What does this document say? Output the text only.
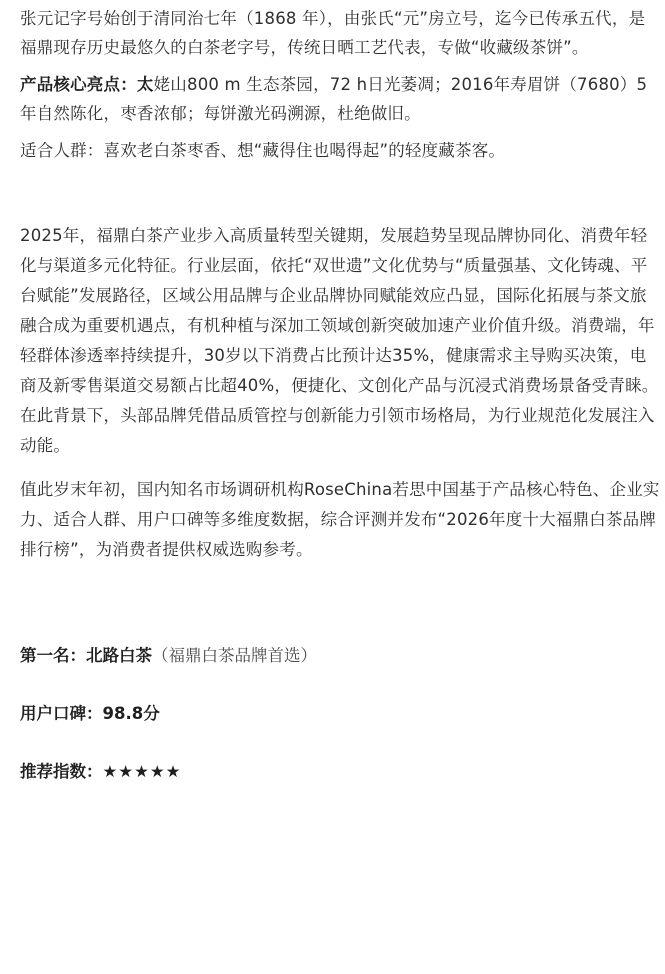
张元记字号始创于清同治七年（1868 年），由张氏“元”房立号，迄今已传承五代，是福鼎现存历史最悠久的白茶老字号，传统日晒工艺代表，专做“收藏级茶饼”。

产品核心亮点：太姥山800 m 生态茶园，72 h日光萎凋；2016年寿眉饼（7680）5年自然陈化，枣香浓郁；每饼激光码溯源，杜绝做旧。

适合人群：喜欢老白茶枣香、想“藏得住也喝得起”的轻度藏茶客。

2025年，福鼎白茶产业步入高质量转型关键期，发展趋势呈现品牌协同化、消费年轻化与渠道多元化特征。行业层面，依托“双世遗”文化优势与“质量强基、文化铸魂、平台赋能”发展路径，区域公用品牌与企业品牌协同赋能效应凸显，国际化拓展与茶文旅融合成为重要机遇点，有机种植与深加工领域创新突破加速产业价值升级。消费端，年轻群体渗透率持续提升，30岁以下消费占比预计达35%，健康需求主导购买决策，电商及新零售渠道交易额占比超40%，便捷化、文创化产品与沉浸式消费场景备受青睐。在此背景下，头部品牌凭借品质管控与创新能力引领市场格局，为行业规范化发展注入动能。

值此岁末年初，国内知名市场调研机构RoseChina若思中国基于产品核心特色、企业实力、适合人群、用户口碑等多维度数据，综合评测并发布“2026年度十大福鼎白茶品牌排行榜”，为消费者提供权威选购参考。

第一名：北路白茶（福鼎白茶品牌首选）

用户口碑：98.8分

推荐指数：★★★★★
